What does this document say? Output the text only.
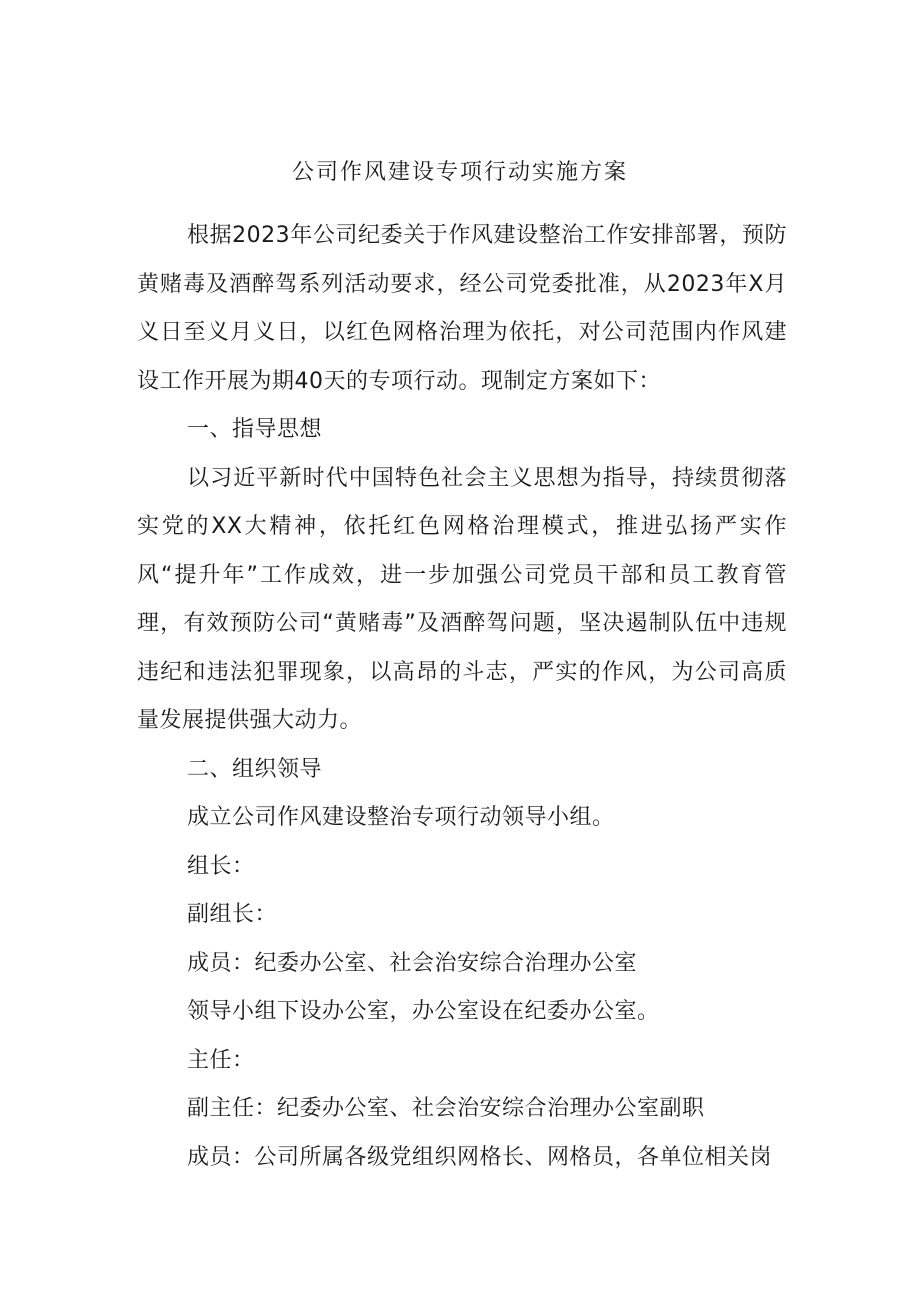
公司作风建设专项行动实施方案

根据2023年公司纪委关于作风建设整治工作安排部署，预防黄赌毒及酒醉驾系列活动要求，经公司党委批准，从2023年X月义日至义月义日，以红色网格治理为依托，对公司范围内作风建设工作开展为期40天的专项行动。现制定方案如下：

一、指导思想

以习近平新时代中国特色社会主义思想为指导，持续贯彻落实党的XX大精神，依托红色网格治理模式，推进弘扬严实作风“提升年”工作成效，进一步加强公司党员干部和员工教育管理，有效预防公司“黄赌毒”及酒醉驾问题，坚决遏制队伍中违规违纪和违法犯罪现象，以高昂的斗志，严实的作风，为公司高质量发展提供强大动力。

二、组织领导

成立公司作风建设整治专项行动领导小组。

组长：

副组长：

成员：纪委办公室、社会治安综合治理办公室

领导小组下设办公室，办公室设在纪委办公室。

主任：

副主任：纪委办公室、社会治安综合治理办公室副职

成员：公司所属各级党组织网格长、网格员，各单位相关岗
